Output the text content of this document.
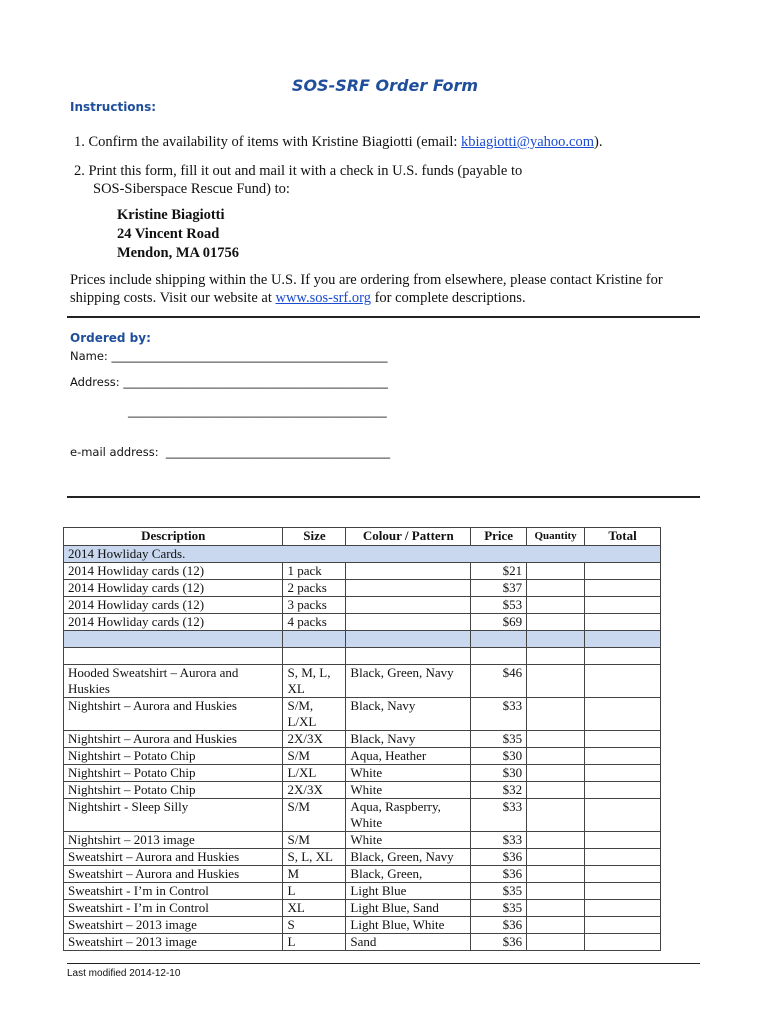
SOS-SRF Order Form
Instructions:
1. Confirm the availability of items with Kristine Biagiotti (email: kbiagiotti@yahoo.com).
2. Print this form, fill it out and mail it with a check in U.S. funds (payable to
SOS-Siberspace Rescue Fund) to:
Kristine Biagiotti
24 Vincent Road
Mendon, MA 01756
Prices include shipping within the U.S. If you are ordering from elsewhere, please contact Kristine for
shipping costs. Visit our website at www.sos-srf.org for complete descriptions.
Ordered by:
Name: ________________________________________________
Address: ______________________________________________
_____________________________________________
e-mail address:  _______________________________________
Description	Size	Colour / Pattern	Price	Quantity	Total
2014 Howliday Cards.					
2014 Howliday cards (12)	1 pack		$21		
2014 Howliday cards (12)	2 packs		$37		
2014 Howliday cards (12)	3 packs		$53		
2014 Howliday cards (12)	4 packs		$69		

Hooded Sweatshirt – Aurora and Huskies	S, M, L, XL	Black, Green, Navy	$46		
Nightshirt – Aurora and Huskies	S/M, L/XL	Black, Navy	$33		
Nightshirt – Aurora and Huskies	2X/3X	Black, Navy	$35		
Nightshirt – Potato Chip	S/M	Aqua, Heather	$30		
Nightshirt – Potato Chip	L/XL	White	$30		
Nightshirt – Potato Chip	2X/3X	White	$32		
Nightshirt - Sleep Silly	S/M	Aqua, Raspberry, White	$33		
Nightshirt – 2013 image	S/M	White	$33		
Sweatshirt – Aurora and Huskies	S, L, XL	Black, Green, Navy	$36		
Sweatshirt – Aurora and Huskies	M	Black, Green,	$36		
Sweatshirt - I’m in Control	L	Light Blue	$35		
Sweatshirt - I’m in Control	XL	Light Blue, Sand	$35		
Sweatshirt – 2013 image	S	Light Blue, White	$36		
Sweatshirt – 2013 image	L	Sand	$36		
Last modified 2014-12-10
